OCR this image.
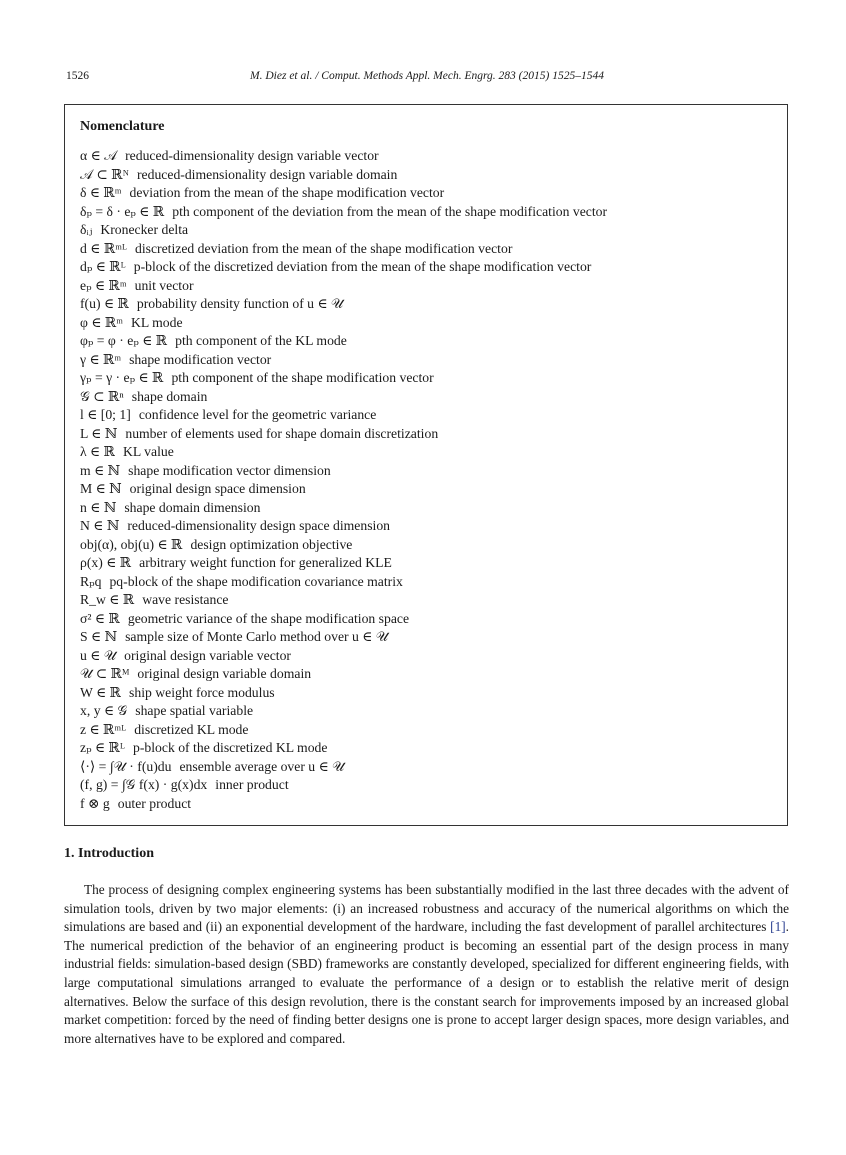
1526	M. Diez et al. / Comput. Methods Appl. Mech. Engrg. 283 (2015) 1525–1544
Nomenclature
α ∈ 𝒜 reduced-dimensionality design variable vector
𝒜 ⊂ ℝᴺ reduced-dimensionality design variable domain
δ ∈ ℝᵐ deviation from the mean of the shape modification vector
δₚ = δ · eₚ ∈ ℝ pth component of the deviation from the mean of the shape modification vector
δᵢⱼ Kronecker delta
d ∈ ℝᵐᴸ discretized deviation from the mean of the shape modification vector
dₚ ∈ ℝᴸ p-block of the discretized deviation from the mean of the shape modification vector
eₚ ∈ ℝᵐ unit vector
f(u) ∈ ℝ probability density function of u ∈ 𝒰
φ ∈ ℝᵐ KL mode
φₚ = φ · eₚ ∈ ℝ pth component of the KL mode
γ ∈ ℝᵐ shape modification vector
γₚ = γ · eₚ ∈ ℝ pth component of the shape modification vector
𝒢 ⊂ ℝⁿ shape domain
l ∈ [0; 1] confidence level for the geometric variance
L ∈ ℕ number of elements used for shape domain discretization
λ ∈ ℝ KL value
m ∈ ℕ shape modification vector dimension
M ∈ ℕ original design space dimension
n ∈ ℕ shape domain dimension
N ∈ ℕ reduced-dimensionality design space dimension
obj(α), obj(u) ∈ ℝ design optimization objective
ρ(x) ∈ ℝ arbitrary weight function for generalized KLE
Rₚq pq-block of the shape modification covariance matrix
R_w ∈ ℝ wave resistance
σ² ∈ ℝ geometric variance of the shape modification space
S ∈ ℕ sample size of Monte Carlo method over u ∈ 𝒰
u ∈ 𝒰 original design variable vector
𝒰 ⊂ ℝᴹ original design variable domain
W ∈ ℝ ship weight force modulus
x, y ∈ 𝒢 shape spatial variable
z ∈ ℝᵐᴸ discretized KL mode
zₚ ∈ ℝᴸ p-block of the discretized KL mode
⟨·⟩ = ∫𝒰 · f(u)du ensemble average over u ∈ 𝒰
(f, g) = ∫𝒢 f(x) · g(x)dx inner product
f ⊗ g outer product
1. Introduction

The process of designing complex engineering systems has been substantially modified in the last three decades with the advent of simulation tools, driven by two major elements: (i) an increased robustness and accuracy of the numerical algorithms on which the simulations are based and (ii) an exponential development of the hardware, including the fast development of parallel architectures [1]. The numerical prediction of the behavior of an engineering product is becoming an essential part of the design process in many industrial fields: simulation-based design (SBD) frameworks are constantly developed, specialized for different engineering fields, with large computational simulations arranged to evaluate the performance of a design or to establish the relative merit of design alternatives. Below the surface of this design revolution, there is the constant search for improvements imposed by an increased global market competition: forced by the need of finding better designs one is prone to accept larger design spaces, more design variables, and more alternatives have to be explored and compared.
